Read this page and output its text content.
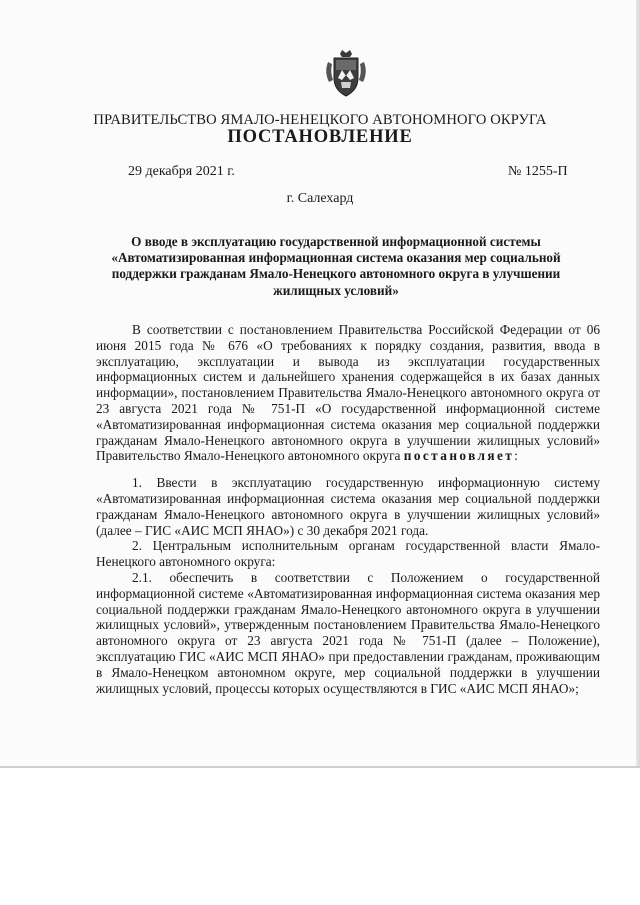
ПРАВИТЕЛЬСТВО ЯМАЛО-НЕНЕЦКОГО АВТОНОМНОГО ОКРУГА
ПОСТАНОВЛЕНИЕ
29 декабря 2021 г.	№ 1255-П
г. Салехард
О вводе в эксплуатацию государственной информационной системы «Автоматизированная информационная система оказания мер социальной поддержки гражданам Ямало-Ненецкого автономного округа в улучшении жилищных условий»

В соответствии с постановлением Правительства Российской Федерации от 06 июня 2015 года № 676 «О требованиях к порядку создания, развития, ввода в эксплуатацию, эксплуатации и вывода из эксплуатации государственных информационных систем и дальнейшего хранения содержащейся в их базах данных информации», постановлением Правительства Ямало-Ненецкого автономного округа от 23 августа 2021 года № 751-П «О государственной информационной системе «Автоматизированная информационная система оказания мер социальной поддержки гражданам Ямало-Ненецкого автономного округа в улучшении жилищных условий» Правительство Ямало-Ненецкого автономного округа постановляет:

1. Ввести в эксплуатацию государственную информационную систему «Автоматизированная информационная система оказания мер социальной поддержки гражданам Ямало-Ненецкого автономного округа в улучшении жилищных условий» (далее – ГИС «АИС МСП ЯНАО») с 30 декабря 2021 года.

2. Центральным исполнительным органам государственной власти Ямало-Ненецкого автономного округа:

2.1. обеспечить в соответствии с Положением о государственной информационной системе «Автоматизированная информационная система оказания мер социальной поддержки гражданам Ямало-Ненецкого автономного округа в улучшении жилищных условий», утвержденным постановлением Правительства Ямало-Ненецкого автономного округа от 23 августа 2021 года № 751-П (далее – Положение), эксплуатацию ГИС «АИС МСП ЯНАО» при предоставлении гражданам, проживающим в Ямало-Ненецком автономном округе, мер социальной поддержки в улучшении жилищных условий, процессы которых осуществляются в ГИС «АИС МСП ЯНАО»;
